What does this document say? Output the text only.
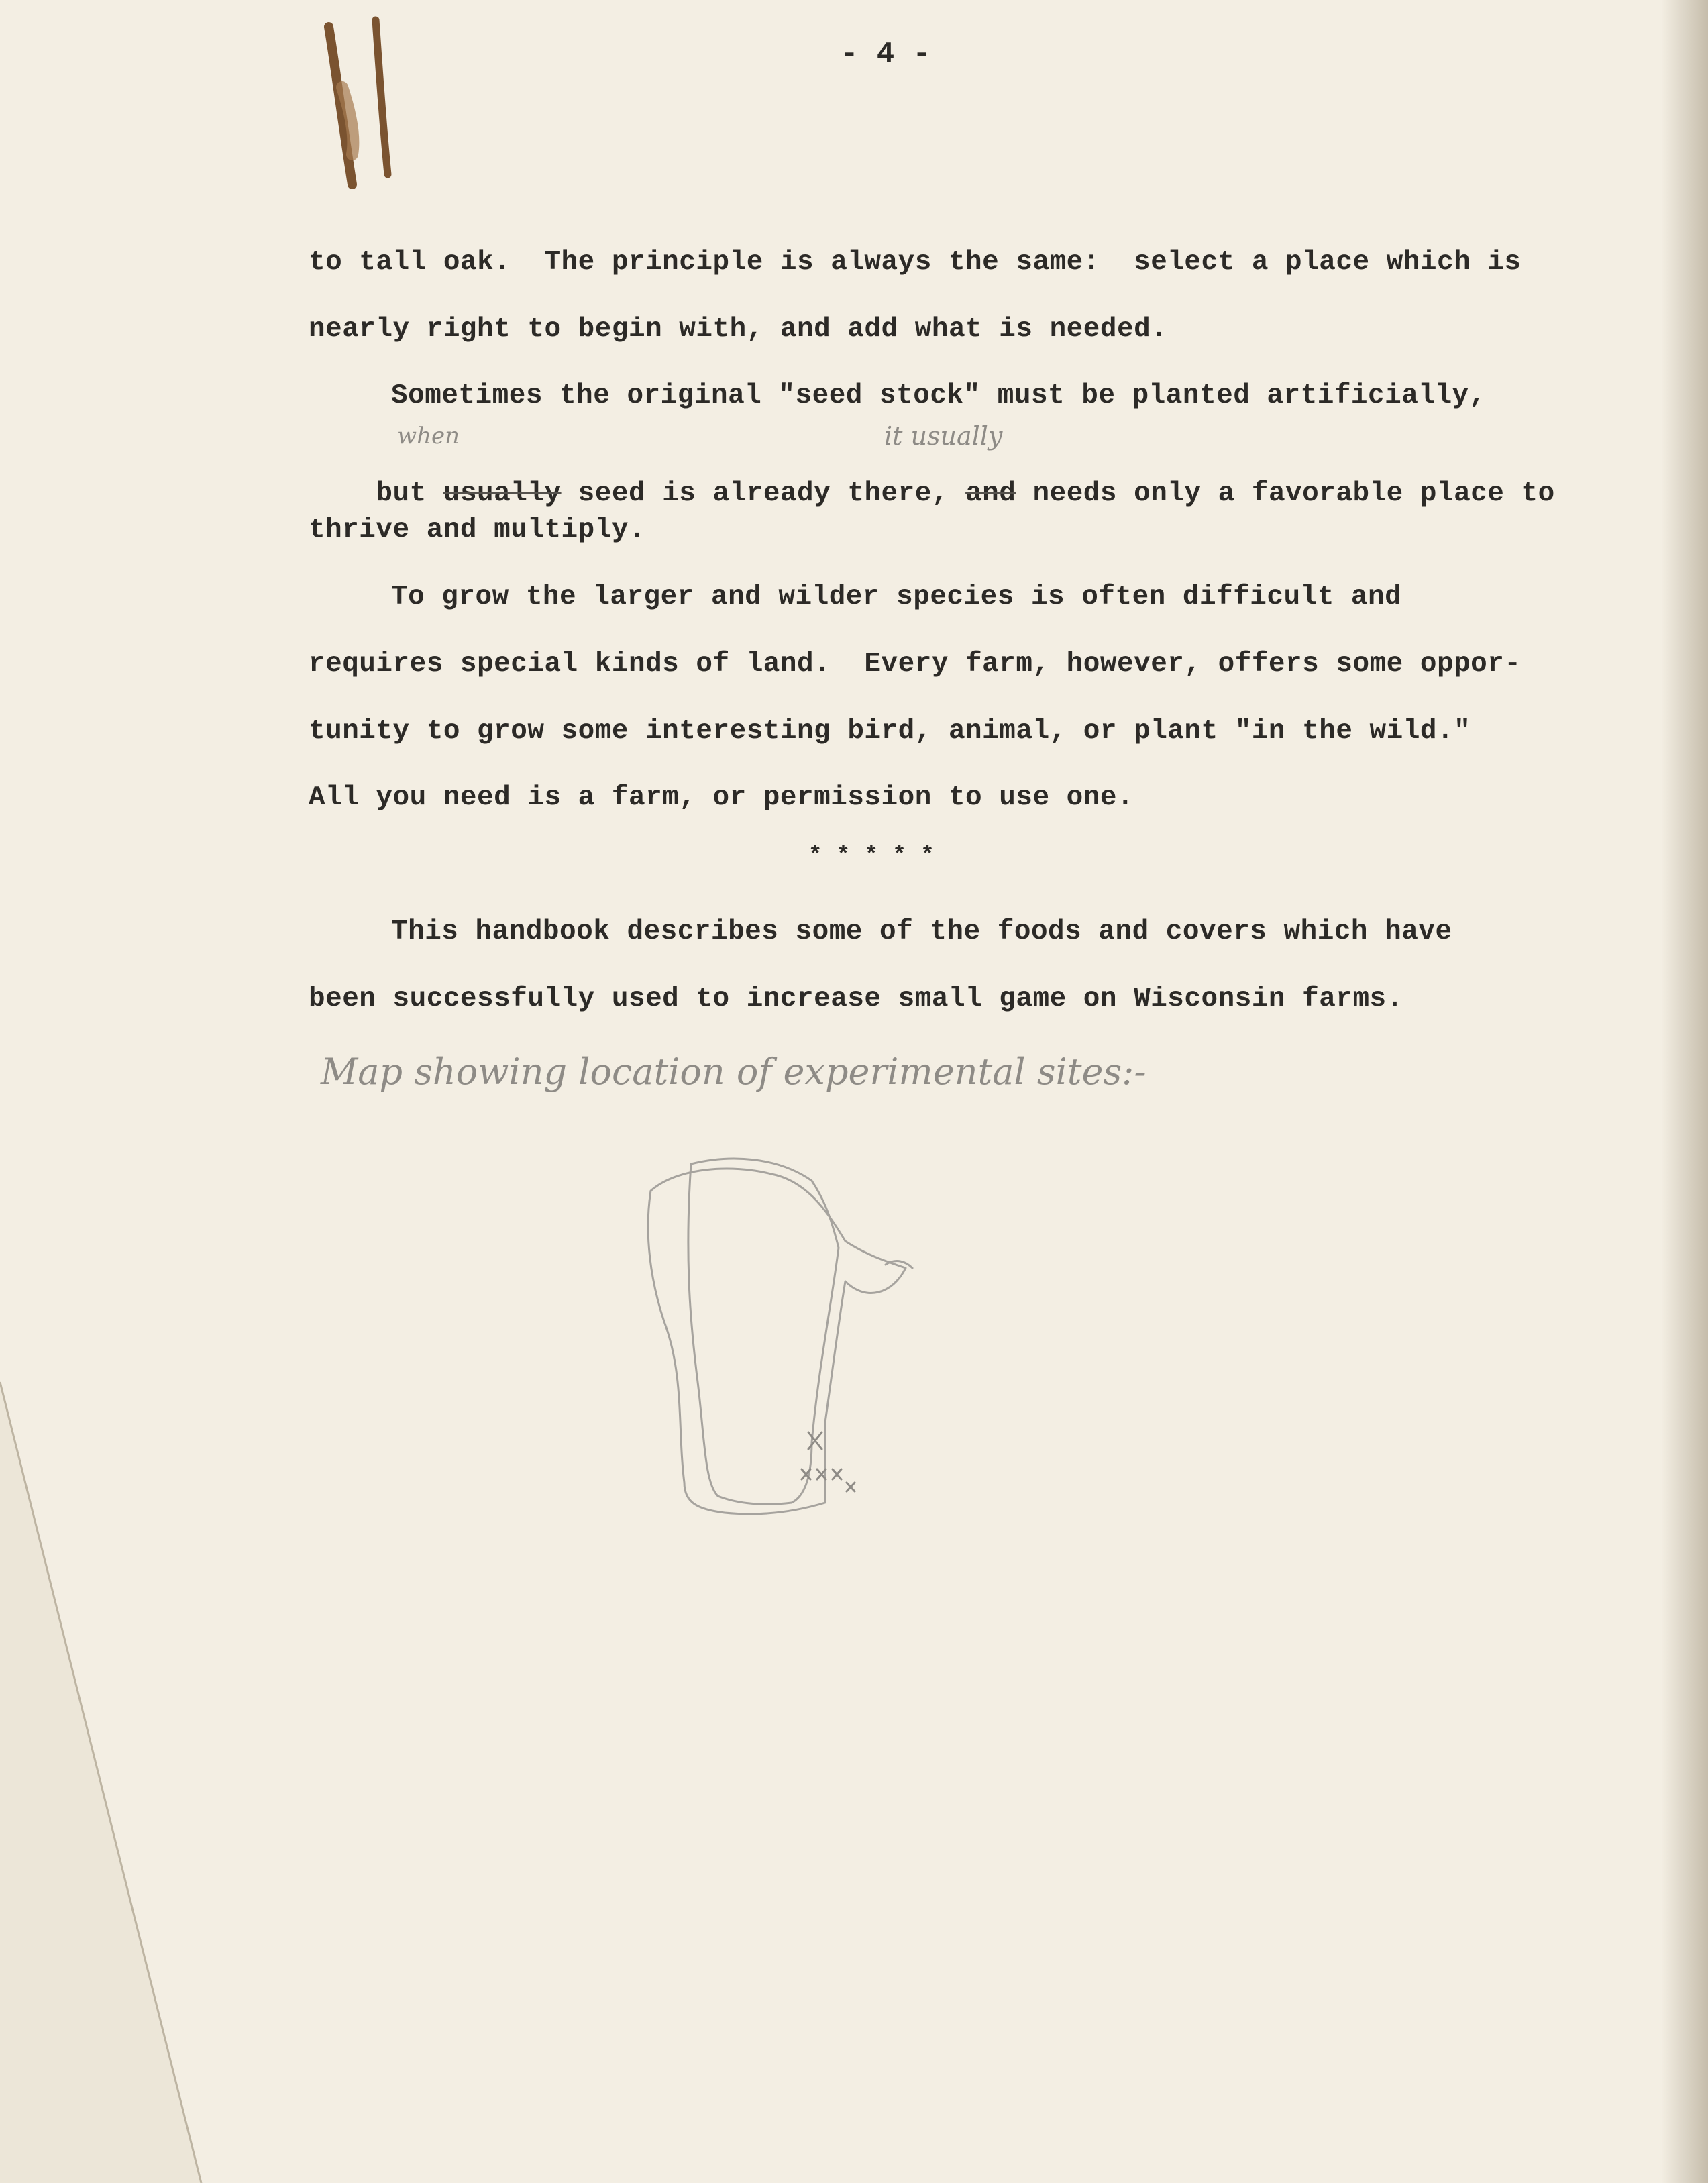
- 4 -
to tall oak.  The principle is always the same:  select a place which is
nearly right to begin with, and add what is needed.
Sometimes the original "seed stock" must be planted artificially,

but usually seed is already there, and needs only a favorable place to

when	it usually
thrive and multiply.
To grow the larger and wilder species is often difficult and
requires special kinds of land.  Every farm, however, offers some oppor-
tunity to grow some interesting bird, animal, or plant "in the wild."
All you need is a farm, or permission to use one.
* * * * *
This handbook describes some of the foods and covers which have
been successfully used to increase small game on Wisconsin farms.
Map showing location of experimental sites:-
